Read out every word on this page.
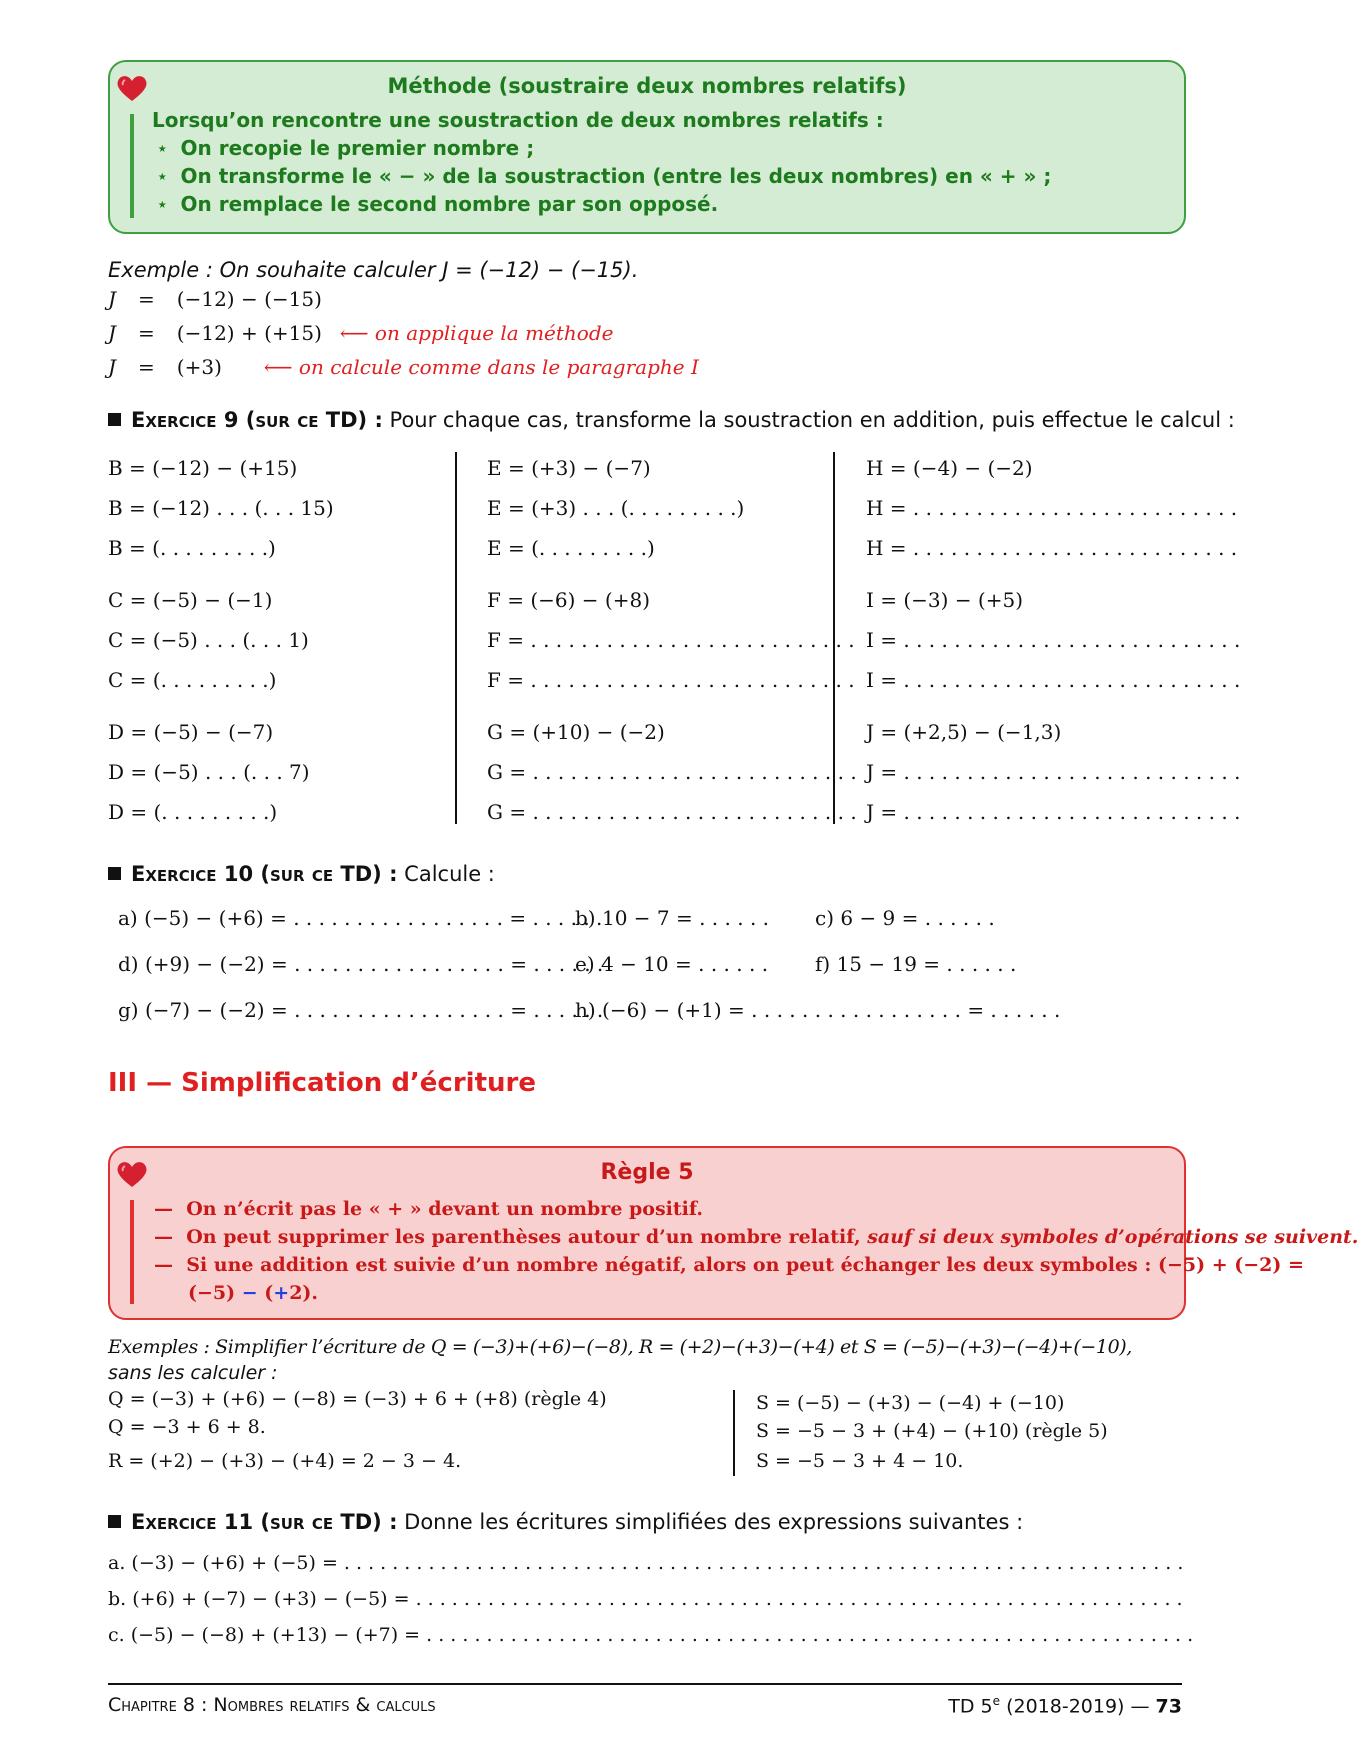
Méthode (soustraire deux nombres relatifs)
Lorsqu’on rencontre une soustraction de deux nombres relatifs :
⋆ On recopie le premier nombre ;
⋆ On transforme le « − » de la soustraction (entre les deux nombres) en « + » ;
⋆ On remplace le second nombre par son opposé.
Exemple : On souhaite calculer J = (−12) − (−15).
J = (−12) − (−15)
J = (−12) + (+15) ⟵ on applique la méthode
J = (+3) ⟵ on calcule comme dans le paragraphe I
Exercice 9 (sur ce TD) : Pour chaque cas, transforme la soustraction en addition, puis effectue le calcul :
B = (−12) − (+15)
B = (−12) . . . (. . . 15)
B = (. . . . . . . . .)
C = (−5) − (−1)
C = (−5) . . . (. . . 1)
C = (. . . . . . . . .)
D = (−5) − (−7)
D = (−5) . . . (. . . 7)
D = (. . . . . . . . .)
E = (+3) − (−7)
E = (+3) . . . (. . . . . . . . .)
E = (. . . . . . . . .)
F = (−6) − (+8)
F = . . . . . . . . . . . . . . . . . . . . . . . . . .
F = . . . . . . . . . . . . . . . . . . . . . . . . . .
G = (+10) − (−2)
G = . . . . . . . . . . . . . . . . . . . . . . . . . .
G = . . . . . . . . . . . . . . . . . . . . . . . . . .
H = (−4) − (−2)
H = . . . . . . . . . . . . . . . . . . . . . . . . . .
H = . . . . . . . . . . . . . . . . . . . . . . . . . .
I = (−3) − (+5)
I = . . . . . . . . . . . . . . . . . . . . . . . . . . .
I = . . . . . . . . . . . . . . . . . . . . . . . . . . .
J = (+2,5) − (−1,3)
J = . . . . . . . . . . . . . . . . . . . . . . . . . . .
J = . . . . . . . . . . . . . . . . . . . . . . . . . . .
Exercice 10 (sur ce TD) : Calcule :
a) (−5) − (+6) = . . . . . . . . . . . . . . . . . = . . . . . .
b) 10 − 7 = . . . . . . c) 6 − 9 = . . . . . .
d) (+9) − (−2) = . . . . . . . . . . . . . . . . . = . . . . . .
e) 4 − 10 = . . . . . . f) 15 − 19 = . . . . . .
g) (−7) − (−2) = . . . . . . . . . . . . . . . . . = . . . . . .
h) (−6) − (+1) = . . . . . . . . . . . . . . . . . = . . . . . .
III — Simplification d’écriture
Règle 5
— On n’écrit pas le « + » devant un nombre positif.
— On peut supprimer les parenthèses autour d’un nombre relatif, sauf si deux symboles d’opérations se suivent.
— Si une addition est suivie d’un nombre négatif, alors on peut échanger les deux symboles : (−5) + (−2) =
(−5) − (+2).
Exemples : Simplifier l’écriture de Q = (−3)+(+6)−(−8), R = (+2)−(+3)−(+4) et S = (−5)−(+3)−(−4)+(−10),
sans les calculer :
Q = (−3) + (+6) − (−8) = (−3) + 6 + (+8) (règle 4)
Q = −3 + 6 + 8.
R = (+2) − (+3) − (+4) = 2 − 3 − 4.
S = (−5) − (+3) − (−4) + (−10)
S = −5 − 3 + (+4) − (+10) (règle 5)
S = −5 − 3 + 4 − 10.
Exercice 11 (sur ce TD) : Donne les écritures simplifiées des expressions suivantes :
a. (−3) − (+6) + (−5) = . . . . . . . . . . . . . . . . . . . . . . . . . . . . . . . . . . . . . . . . . . . . . . . . . . . . . . . . . . . . . . . . . . . . . .
b. (+6) + (−7) − (+3) − (−5) = . . . . . . . . . . . . . . . . . . . . . . . . . . . . . . . . . . . . . . . . . . . . . . . . . . . . . . . . . . . . . . . .
c. (−5) − (−8) + (+13) − (+7) = . . . . . . . . . . . . . . . . . . . . . . . . . . . . . . . . . . . . . . . . . . . . . . . . . . . . . . . . . . . . . . . .
Chapitre 8 : Nombres relatifs & calculs	TD 5e (2018-2019) — 73
